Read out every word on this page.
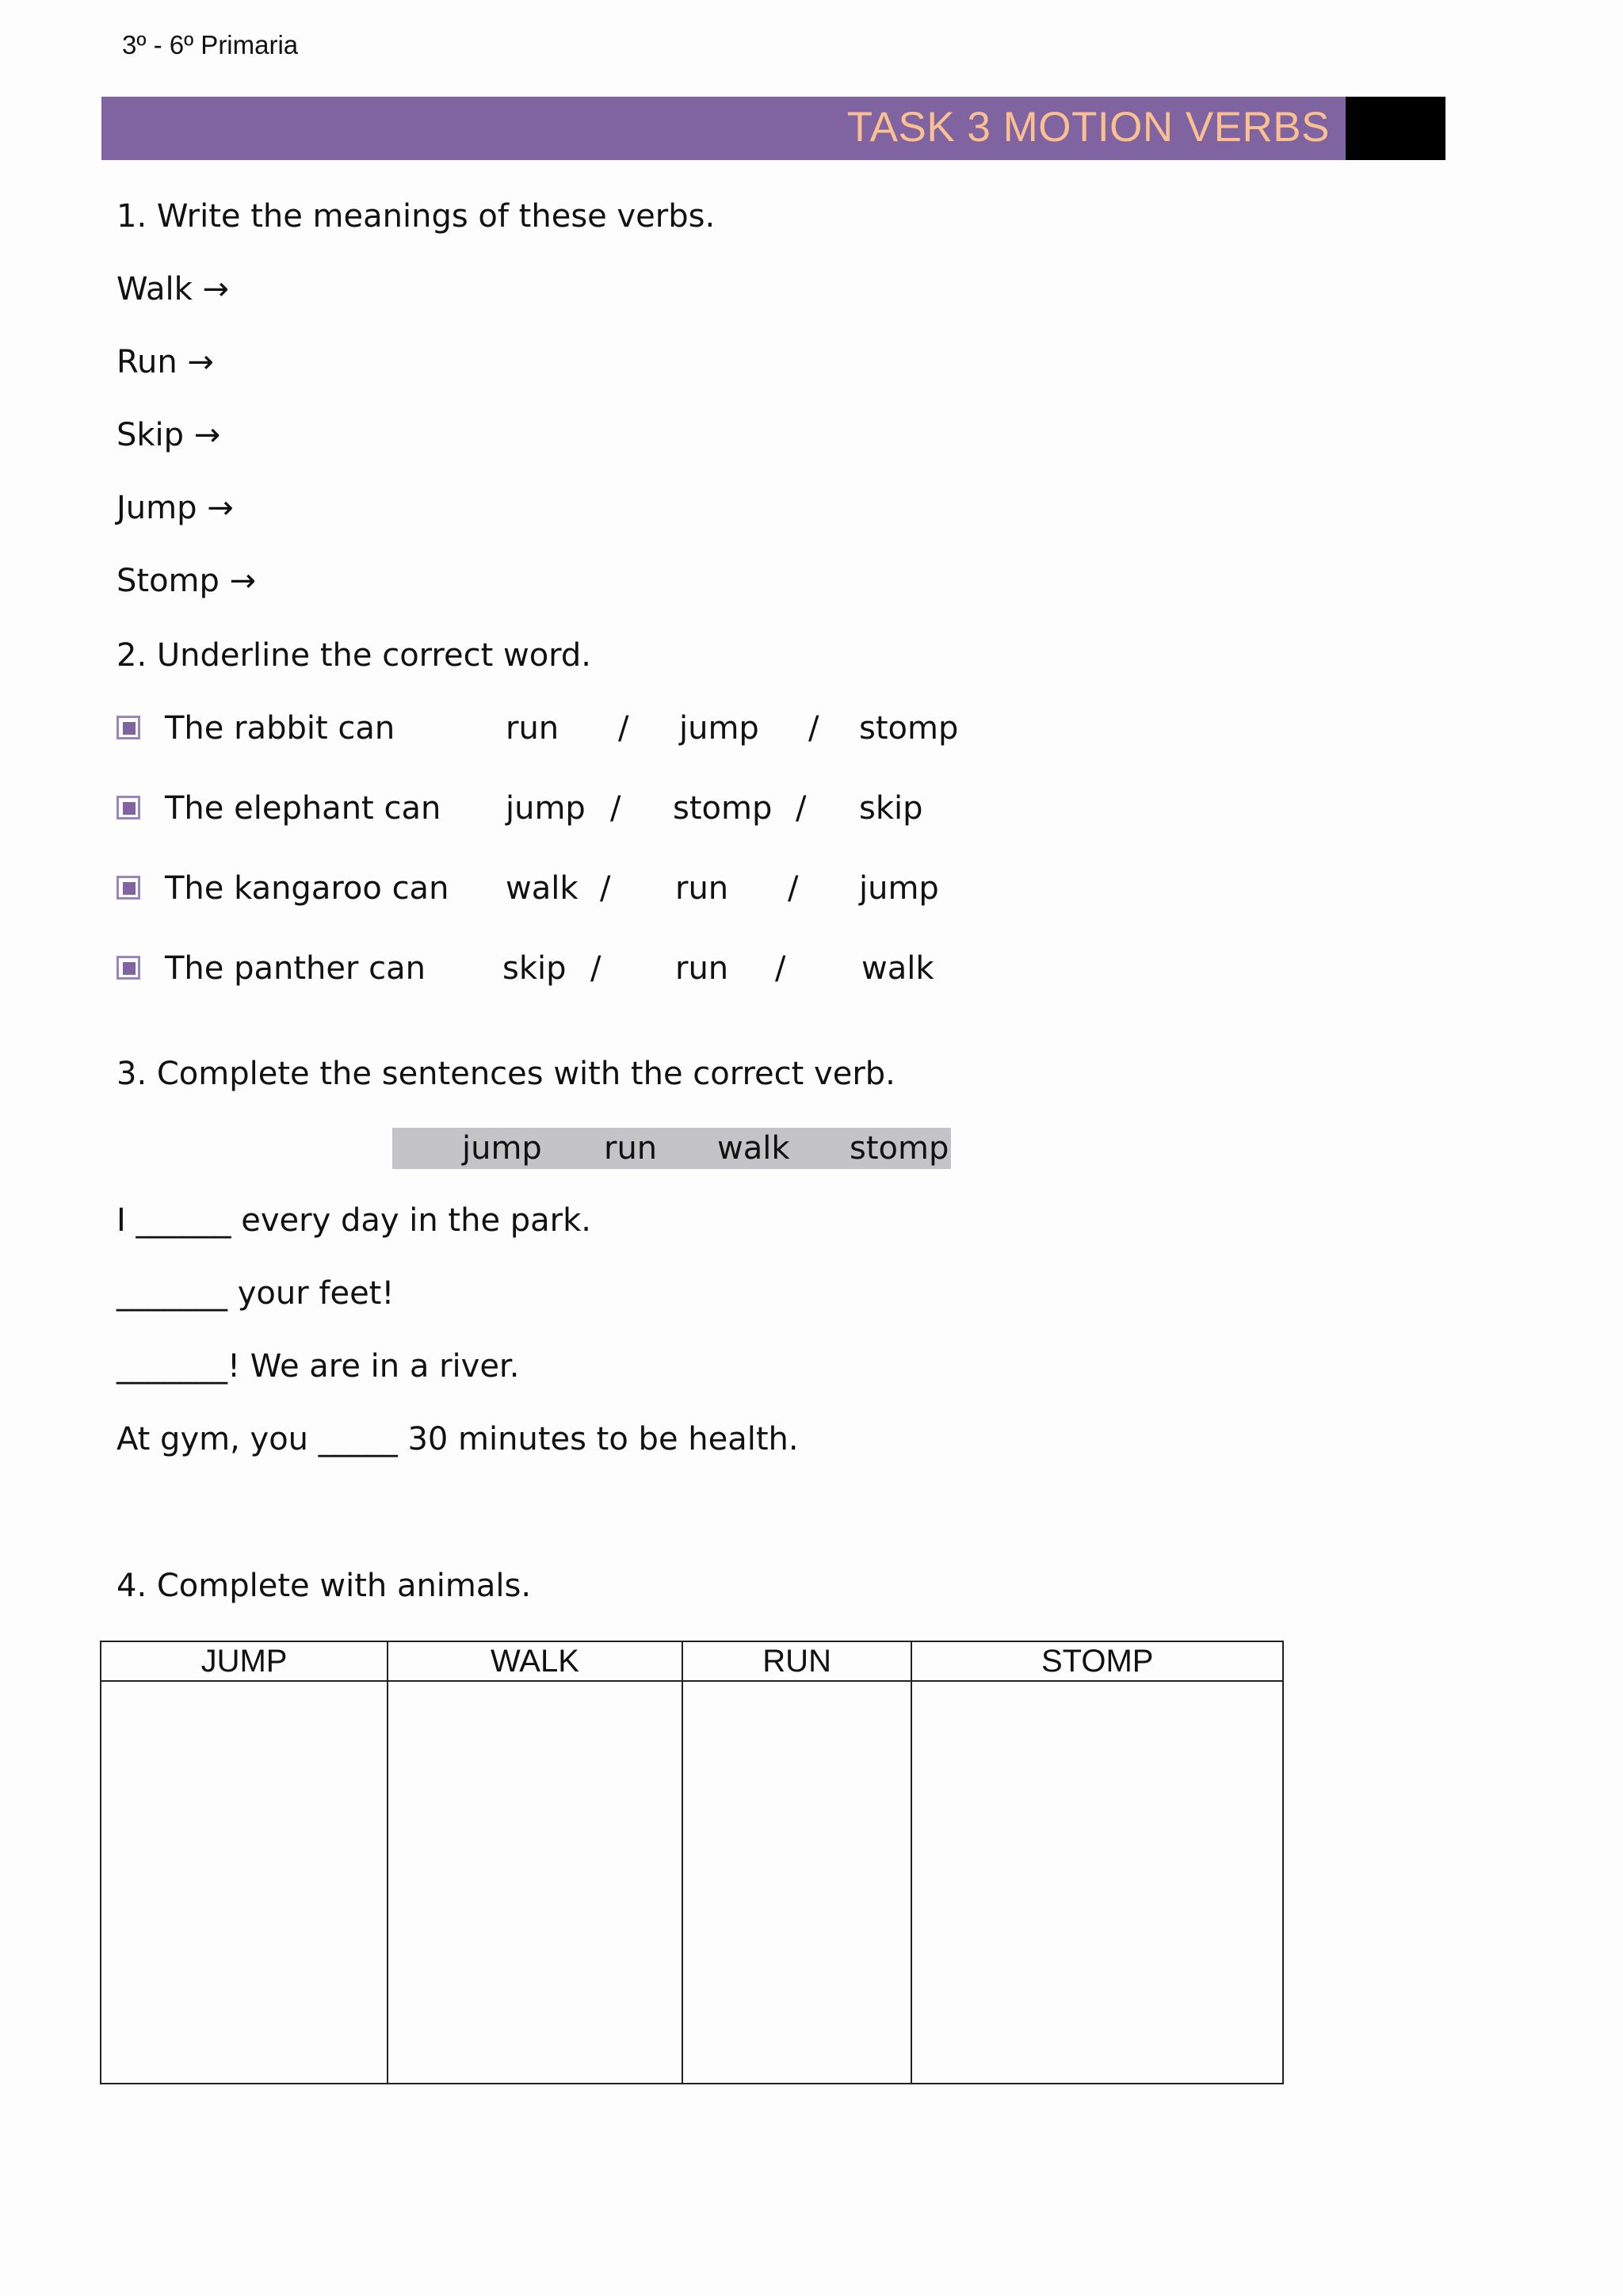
3º - 6º Primaria
TASK 3 MOTION VERBS
1. Write the meanings of these verbs.
Walk →
Run →
Skip →
Jump →
Stomp →
2. Underline the correct word.
The rabbit can	run / jump / stomp
The elephant can jump / stomp / skip
The kangaroo can walk / run / jump
The panther can skip / run / walk
3. Complete the sentences with the correct verb.
jump run walk stomp
I ______ every day in the park.
_______ your feet!
_______! We are in a river.
At gym, you _____ 30 minutes to be health.
4. Complete with animals.
JUMP	WALK	RUN	STOMP
